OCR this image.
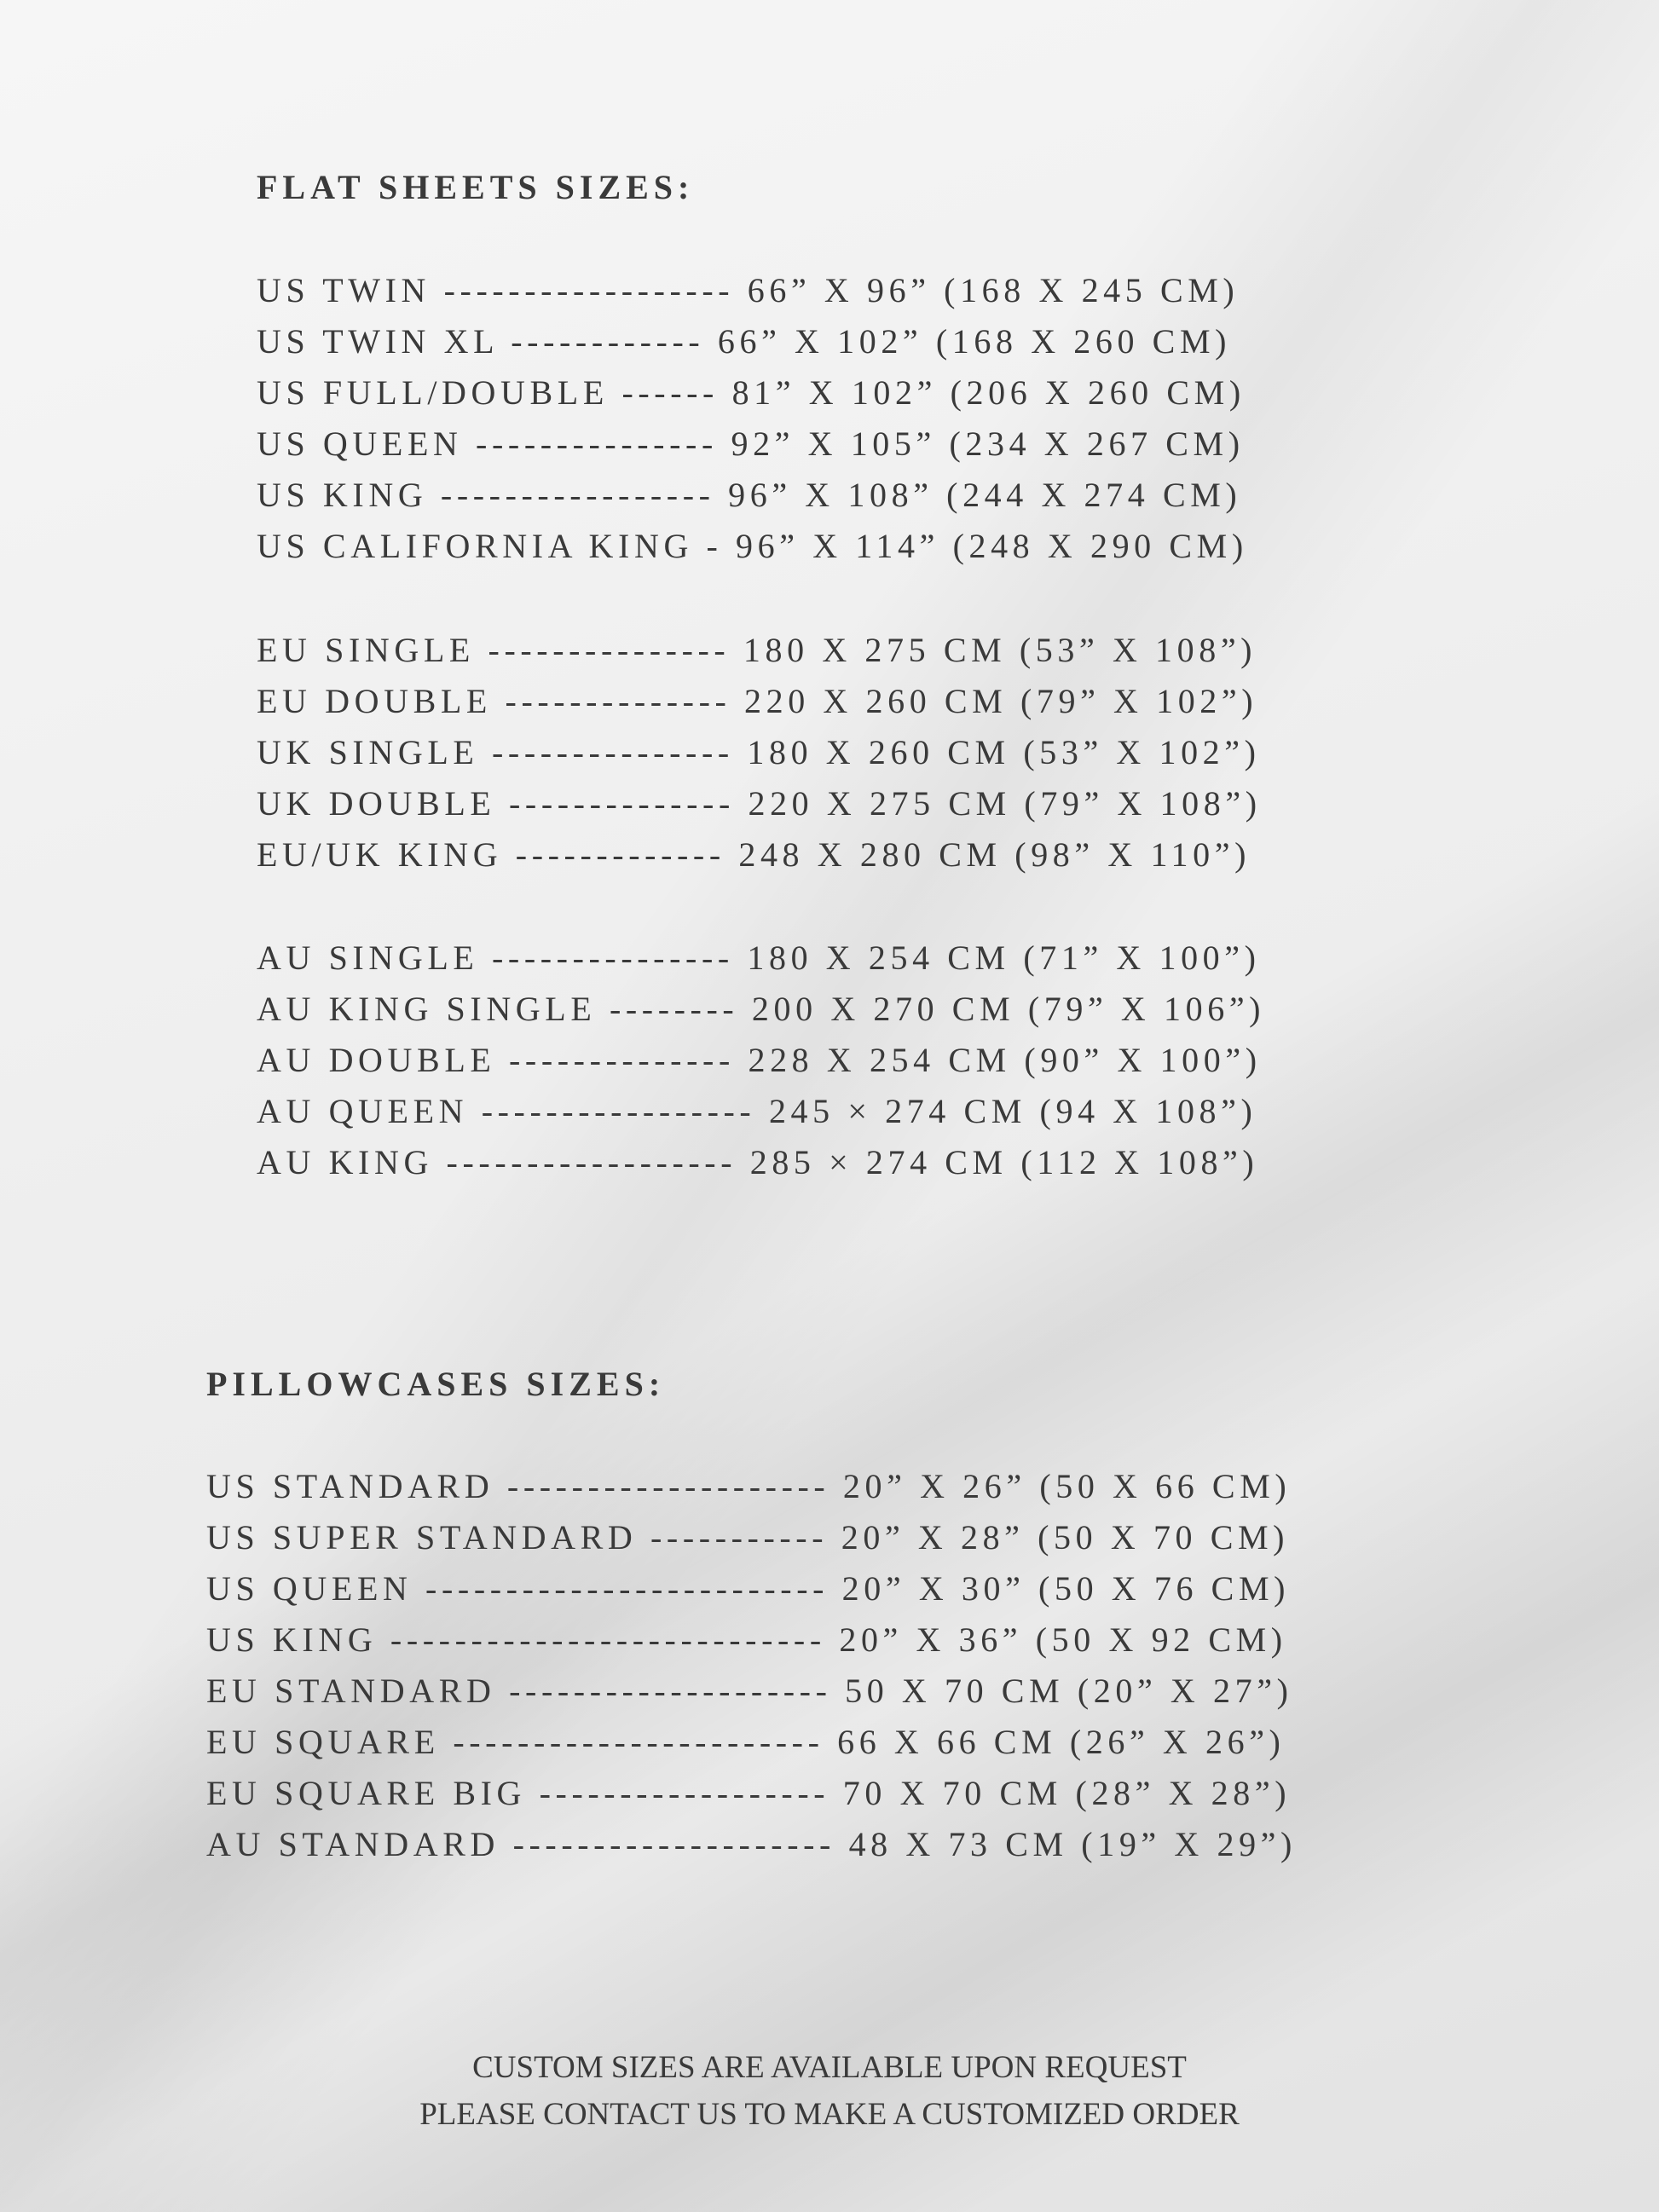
FLAT SHEETS SIZES:
US TWIN ------------------ 66” X 96” (168 X 245 CM)
US TWIN XL ------------ 66” X 102” (168 X 260 CM)
US FULL/DOUBLE ------ 81” X 102” (206 X 260 CM)
US QUEEN --------------- 92” X 105” (234 X 267 CM)
US KING ----------------- 96” X 108” (244 X 274 CM)
US CALIFORNIA KING - 96” X 114” (248 X 290 CM)
EU SINGLE --------------- 180 X 275 CM (53” X 108”)
EU DOUBLE -------------- 220 X 260 CM (79” X 102”)
UK SINGLE --------------- 180 X 260 CM (53” X 102”)
UK DOUBLE -------------- 220 X 275 CM (79” X 108”)
EU/UK KING ------------- 248 X 280 CM (98” X 110”)
AU SINGLE --------------- 180 X 254 CM (71” X 100”)
AU KING SINGLE -------- 200 X 270 CM (79” X 106”)
AU DOUBLE -------------- 228 X 254 CM (90” X 100”)
AU QUEEN ----------------- 245 × 274 CM (94 X 108”)
AU KING ------------------ 285 × 274 CM (112 X 108”)
PILLOWCASES SIZES:
US STANDARD -------------------- 20” X 26” (50 X 66 CM)
US SUPER STANDARD ----------- 20” X 28” (50 X 70 CM)
US QUEEN ------------------------- 20” X 30” (50 X 76 CM)
US KING --------------------------- 20” X 36” (50 X 92 CM)
EU STANDARD -------------------- 50 X 70 CM (20” X 27”)
EU SQUARE ----------------------- 66 X 66 CM (26” X 26”)
EU SQUARE BIG ------------------ 70 X 70 CM (28” X 28”)
AU STANDARD -------------------- 48 X 73 CM (19” X 29”)
CUSTOM SIZES ARE AVAILABLE UPON REQUEST
PLEASE CONTACT US TO MAKE A CUSTOMIZED ORDER
